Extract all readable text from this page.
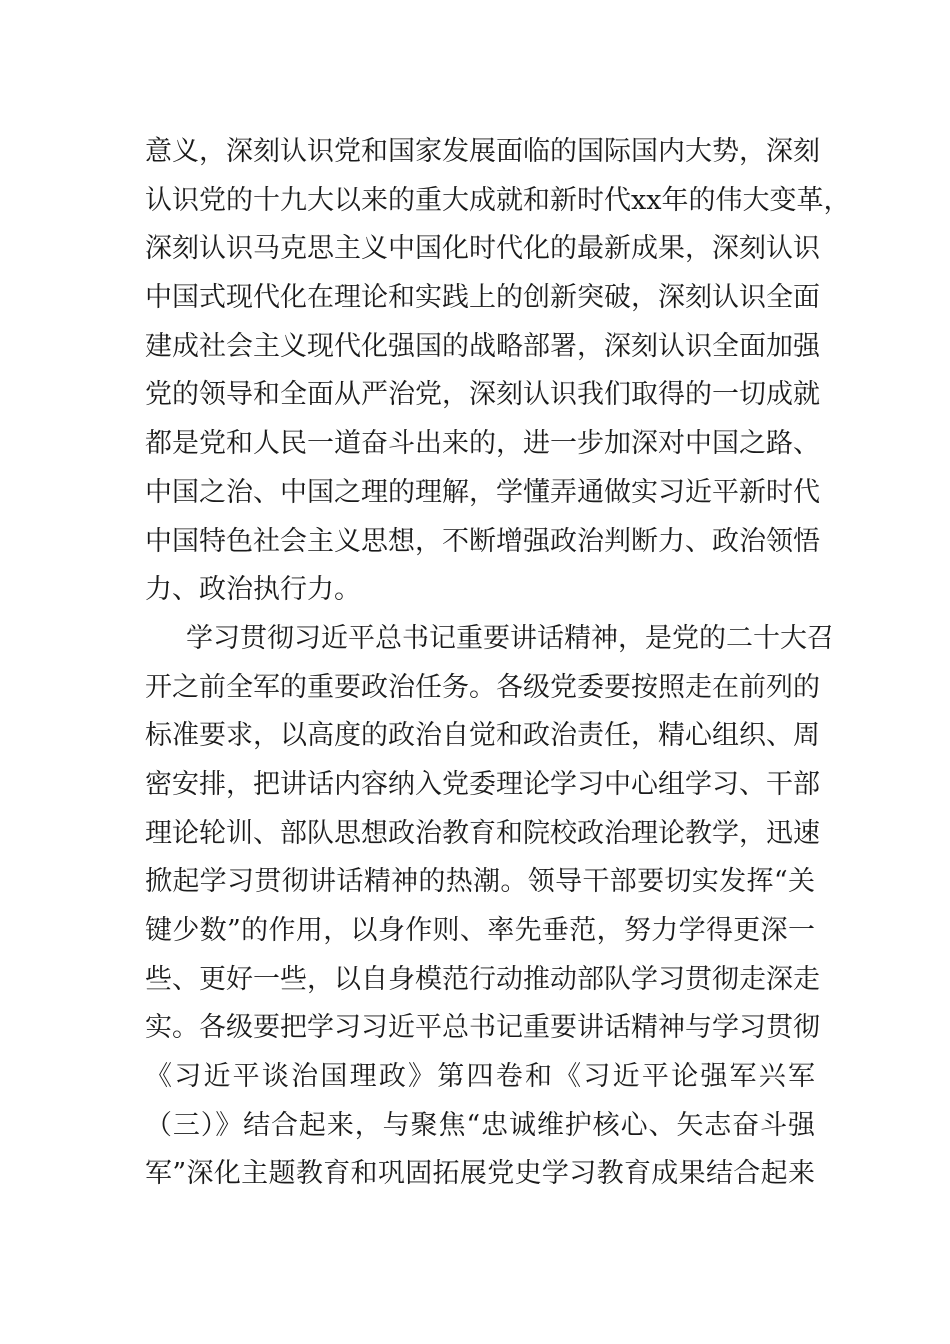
意义，深刻认识党和国家发展面临的国际国内大势，深刻
认识党的十九大以来的重大成就和新时代xx年的伟大变革，
深刻认识马克思主义中国化时代化的最新成果，深刻认识
中国式现代化在理论和实践上的创新突破，深刻认识全面
建成社会主义现代化强国的战略部署，深刻认识全面加强
党的领导和全面从严治党，深刻认识我们取得的一切成就
都是党和人民一道奋斗出来的，进一步加深对中国之路、
中国之治、中国之理的理解，学懂弄通做实习近平新时代
中国特色社会主义思想，不断增强政治判断力、政治领悟
力、政治执行力。
学习贯彻习近平总书记重要讲话精神，是党的二十大召
开之前全军的重要政治任务。各级党委要按照走在前列的
标准要求，以高度的政治自觉和政治责任，精心组织、周
密安排，把讲话内容纳入党委理论学习中心组学习、干部
理论轮训、部队思想政治教育和院校政治理论教学，迅速
掀起学习贯彻讲话精神的热潮。领导干部要切实发挥“关
键少数”的作用，以身作则、率先垂范，努力学得更深一
些、更好一些，以自身模范行动推动部队学习贯彻走深走
实。各级要把学习习近平总书记重要讲话精神与学习贯彻
《习近平谈治国理政》第四卷和《习近平论强军兴军
（三）》结合起来，与聚焦“忠诚维护核心、矢志奋斗强
军”深化主题教育和巩固拓展党史学习教育成果结合起来
